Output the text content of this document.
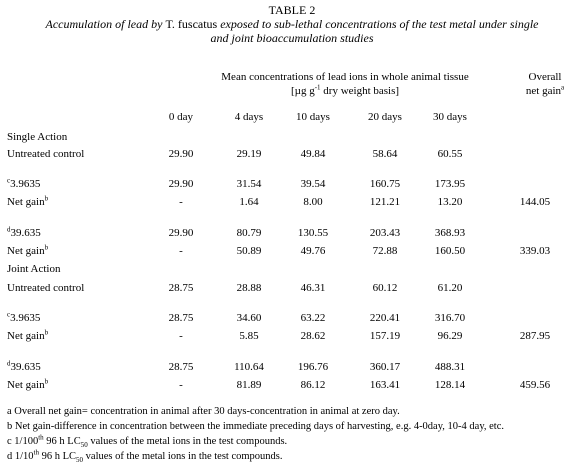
TABLE 2
Accumulation of lead by T. fuscatus exposed to sub-lethal concentrations of the test metal under single
and joint bioaccumulation studies
Mean concentrations of lead ions in whole animal tissue
[µg $g^{-1}$ dry weight basis]
Overall
net gain$^a$
0 day	4 days	10 days	20 days	30 days
Single Action
Untreated control	29.90	29.19	49.84	58.64	60.55
$^c$3.9635	29.90	31.54	39.54	160.75	173.95
Net gain$^b$	-	1.64	8.00	121.21	13.20	144.05
$^d$39.635	29.90	80.79	130.55	203.43	368.93
Net gain$^b$	-	50.89	49.76	72.88	160.50	339.03
Joint Action
Untreated control	28.75	28.88	46.31	60.12	61.20
$^c$3.9635	28.75	34.60	63.22	220.41	316.70
Net gain$^b$	-	5.85	28.62	157.19	96.29	287.95
$^d$39.635	28.75	110.64	196.76	360.17	488.31
Net gain$^b$	-	81.89	86.12	163.41	128.14	459.56
a Overall net gain= concentration in animal after 30 days-concentration in animal at zero day.
b Net gain-difference in concentration between the immediate preceding days of harvesting, e.g. 4-0day, 10-4 day, etc.
c 1/100th 96 h $LC_{50}$ values of the metal ions in the test compounds.
d 1/10th 96 h $LC_{50}$ values of the metal ions in the test compounds.
